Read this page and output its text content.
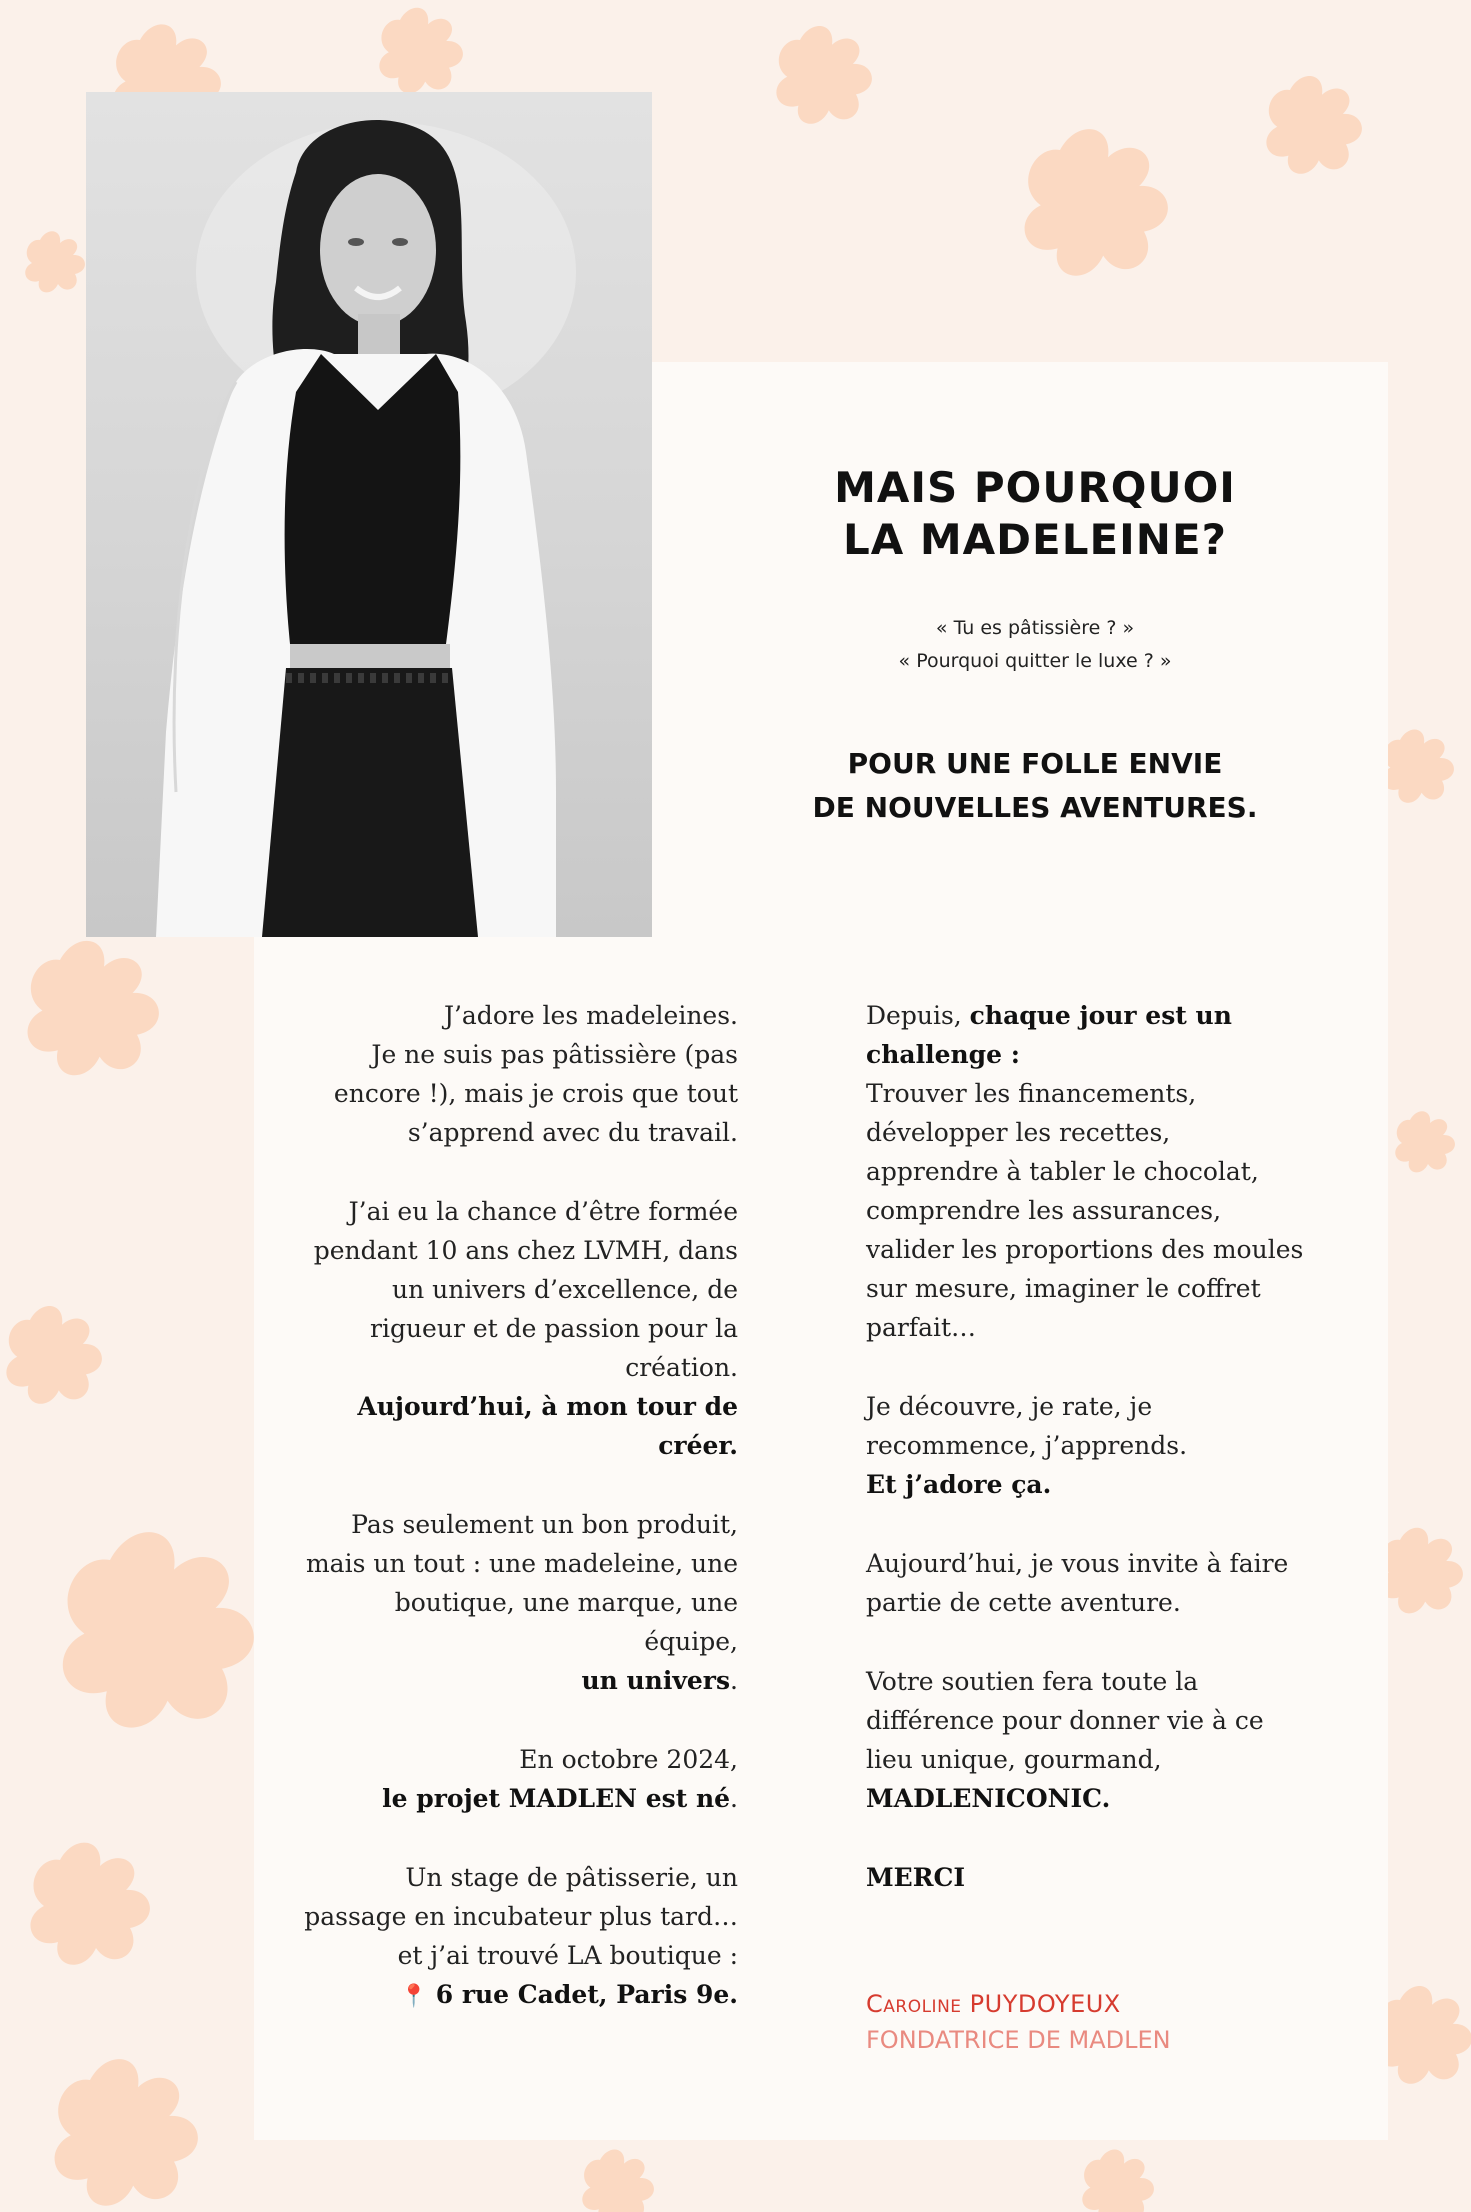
MAIS POURQUOI
LA MADELEINE?
« Tu es pâtissière ? »
« Pourquoi quitter le luxe ? »
POUR UNE FOLLE ENVIE
DE NOUVELLES AVENTURES.

J’adore les madeleines.

Je ne suis pas pâtissière (pas encore !), mais je crois que tout s’apprend avec du travail.

J’ai eu la chance d’être formée pendant 10 ans chez LVMH, dans un univers d’excellence, de rigueur et de passion pour la création.

Aujourd’hui, à mon tour de créer.

Pas seulement un bon produit, mais un tout : une madeleine, une boutique, une marque, une équipe,
un univers.

En octobre 2024,
le projet MADLEN est né.

Un stage de pâtisserie, un passage en incubateur plus tard… et j’ai trouvé LA boutique :
📍 6 rue Cadet, Paris 9e.

Depuis, chaque jour est un challenge :
Trouver les financements, développer les recettes, apprendre à tabler le chocolat, comprendre les assurances, valider les proportions des moules sur mesure, imaginer le coffret parfait…

Je découvre, je rate, je recommence, j’apprends.
Et j’adore ça.

Aujourd’hui, je vous invite à faire partie de cette aventure.

Votre soutien fera toute la différence pour donner vie à ce lieu unique, gourmand,
MADLENICONIC.

MERCI

Caroline PUYDOYEUX
FONDATRICE DE MADLEN
